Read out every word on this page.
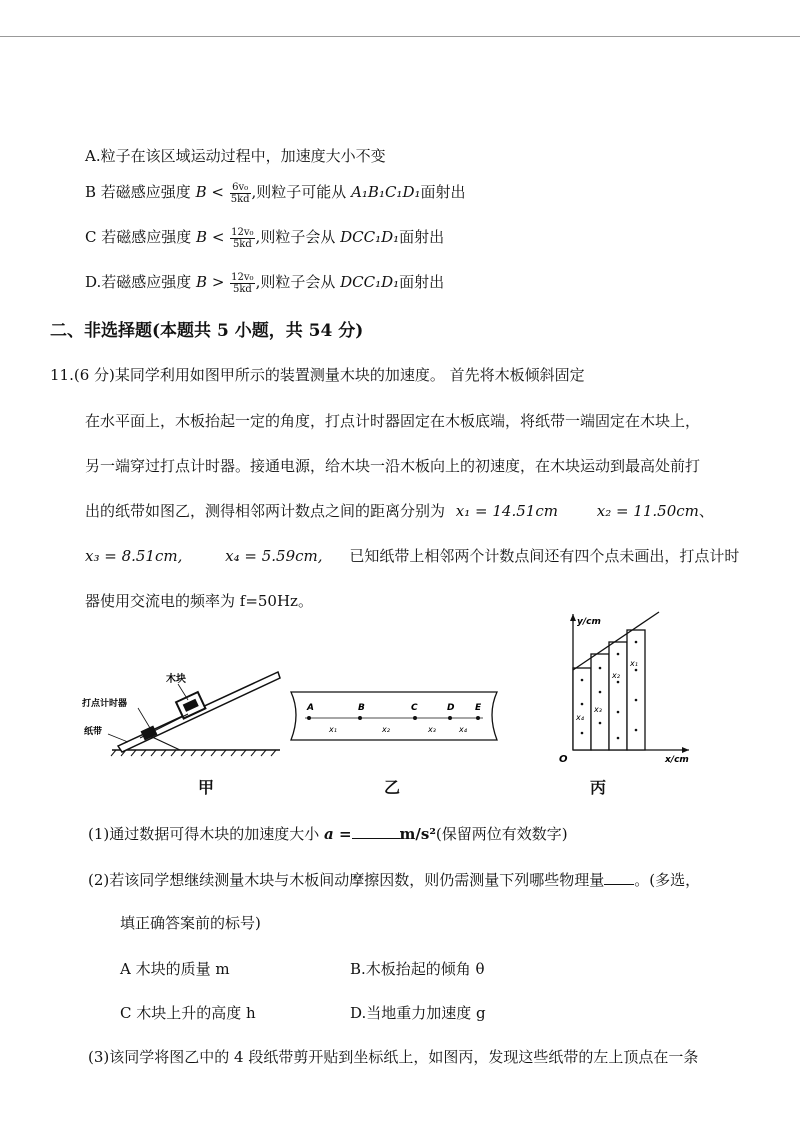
A.粒子在该区域运动过程中，加速度大小不变
B 若磁感应强度 $B < \frac{\text{6v₀}}{5kd}$ ,则粒子可能从 A₁B₁C₁D₁面射出
C 若磁感应强度 $B < \frac{\text{12v₀}}{5kd}$ ,则粒子会从 DCC₁D₁面射出
D.若磁感应强度 $B > \frac{\text{12v₀}}{5kd}$ ,则粒子会从 DCC₁D₁面射出
二、非选择题(本题共 5 小题，共 54 分)
11.(6 分)某同学利用如图甲所示的装置测量木块的加速度。 首先将木板倾斜固定
在水平面上，木板抬起一定的角度，打点计时器固定在木板底端，将纸带一端固定在木块上，
另一端穿过打点计时器。接通电源，给木块一沿木板向上的初速度，在木块运动到最高处前打
出的纸带如图乙，测得相邻两计数点之间的距离分别为 x₁ = 14.51cm	x₂ = 11.50cm、
x₃ = 8.51cm,	x₄ = 5.59cm, 已知纸带上相邻两个计数点间还有四个点未画出，打点计时
器使用交流电的频率为 f=50Hz。
木块
打点计时器
纸带
甲
A	B	C	D E
x₁	x₂	x₃	x₄
乙
y/cm
x/cm
O
x₄
x₃
x₂
x₁
丙
(1)通过数据可得木块的加速度大小 a =	m/s²(保留两位有效数字)
(2)若该同学想继续测量木块与木板间动摩擦因数，则仍需测量下列哪些物理量 。(多选，
填正确答案前的标号)
A 木块的质量 m	B.木板抬起的倾角 θ
C 木块上升的高度 h	D.当地重力加速度 g
(3)该同学将图乙中的 4 段纸带剪开贴到坐标纸上，如图丙，发现这些纸带的左上顶点在一条
